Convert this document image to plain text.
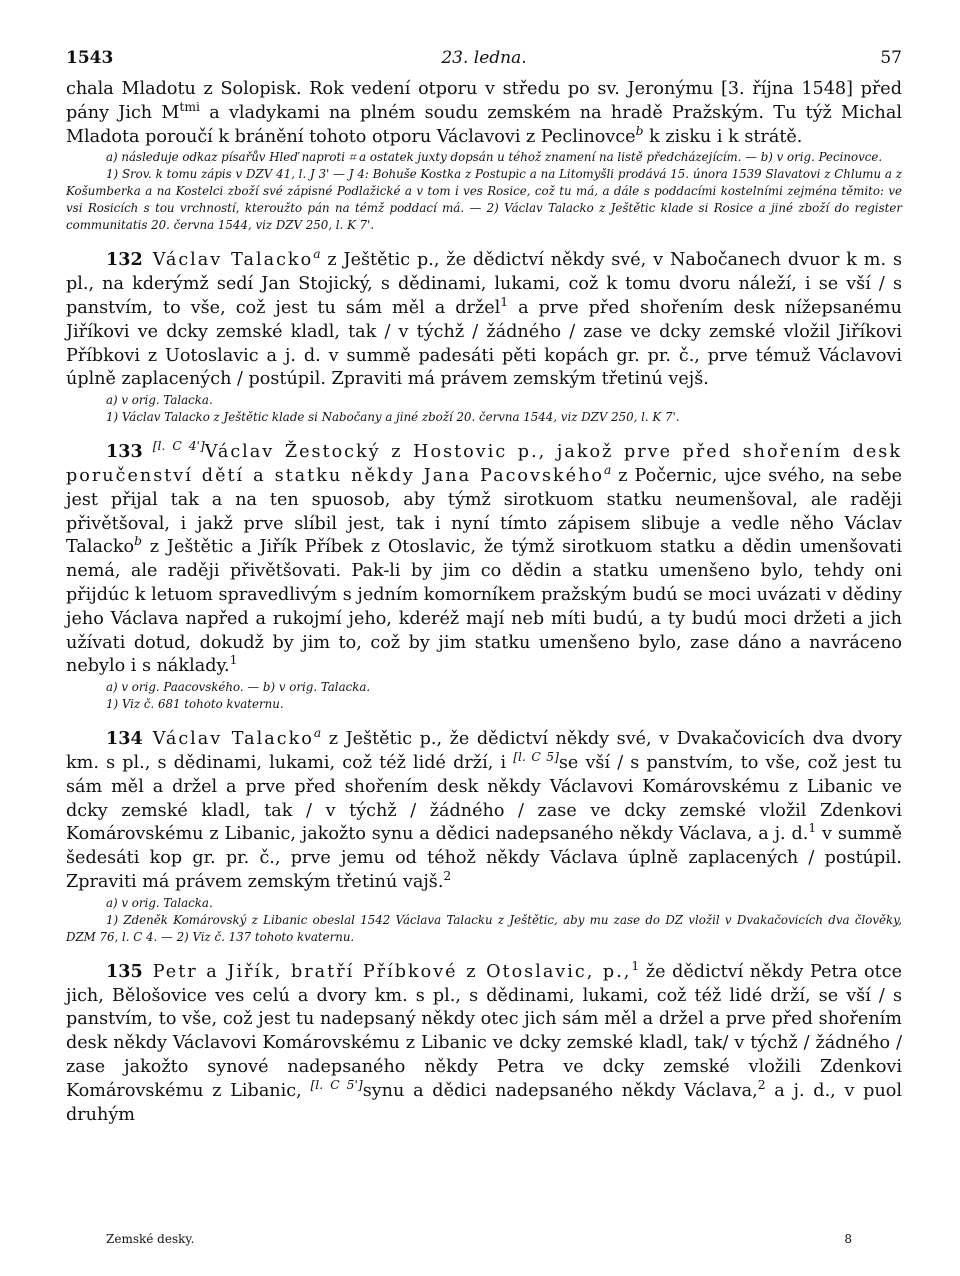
1543	23. ledna.	57

chala Mladotu z Solopisk. Rok vedení otporu v středu po sv. Jeronýmu [3. října 1548] před pány Jich $M^{tmi}$ a vladykami na plném soudu zemském na hradě Pražským. Tu týž Michal Mladota poroučí k bránění tohoto otporu Václavovi z Peclinovce$^b$ k zisku i k strátě.

a) následuje odkaz písařův Hleď naproti ⌗ a ostatek juxty dopsán u téhož znamení na listě předcházejícím. — b) v orig. Pecinovce.

1) Srov. k tomu zápis v DZV 41, l. J 3' — J 4: Bohuše Kostka z Postupic a na Litomyšli prodává 15. února 1539 Slavatovi z Chlumu a z Košumberka a na Kostelci zboží své zápisné Podlažické a v tom i ves Rosice, což tu má, a dále s poddacími kostelními zejména těmito: ve vsi Rosicích s tou vrchností, kteroužto pán na témž poddací má. — 2) Václav Talacko z Ještětic klade si Rosice a jiné zboží do register communitatis 20. června 1544, viz DZV 250, l. K 7'.

132 Václav Talacko$^a$ z Ještětic p., že dědictví někdy své, v Nabočanech dvuor k m. s pl., na kderýmž sedí Jan Stojický, s dědinami, lukami, což k tomu dvoru náleží, i se vší / s panstvím, to vše, což jest tu sám měl a držel$^1$ a prve před shořením desk nížepsanému Jiříkovi ve dcky zemské kladl, tak / v týchž / žádného / zase ve dcky zemské vložil Jiříkovi Příbkovi z Uotoslavic a j. d. v summě padesáti pěti kopách gr. pr. č., prve témuž Václavovi úplně zaplacených / postúpil. Zpraviti má právem zemským třetinú vejš.

a) v orig. Talacka.

1) Václav Talacko z Ještětic klade si Nabočany a jiné zboží 20. června 1544, viz DZV 250, l. K 7'.

133 [l. C 4']Václav Žestocký z Hostovic p., jakož prve před shořením desk poručenství dětí a statku někdy Jana Pacovského$^a$ z Počernic, ujce svého, na sebe jest přijal tak a na ten spuosob, aby týmž sirotkuom statku neumenšoval, ale raději přivětšoval, i jakž prve slíbil jest, tak i nyní tímto zápisem slibuje a vedle něho Václav Talacko$^b$ z Ještětic a Jiřík Příbek z Otoslavic, že týmž sirotkuom statku a dědin umenšovati nemá, ale raději přivětšovati. Pak-li by jim co dědin a statku umenšeno bylo, tehdy oni přijdúc k letuom spravedlivým s jedním komorníkem pražským budú se moci uvázati v dědiny jeho Václava napřed a rukojmí jeho, kderéž mají neb míti budú, a ty budú moci držeti a jich užívati dotud, dokudž by jim to, což by jim statku umenšeno bylo, zase dáno a navráceno nebylo i s náklady.$^1$

a) v orig. Paacovského. — b) v orig. Talacka.

1) Viz č. 681 tohoto kvaternu.

134 Václav Talacko$^a$ z Ještětic p., že dědictví někdy své, v Dvakačovicích dva dvory km. s pl., s dědinami, lukami, což též lidé drží, i [l. C 5]se vší / s panstvím, to vše, což jest tu sám měl a držel a prve před shořením desk někdy Václavovi Komárovskému z Libanic ve dcky zemské kladl, tak / v týchž / žádného / zase ve dcky zemské vložil Zdenkovi Komárovskému z Libanic, jakožto synu a dědici nadepsaného někdy Václava, a j. d.$^1$ v summě šedesáti kop gr. pr. č., prve jemu od téhož někdy Václava úplně zaplacených / postúpil. Zpraviti má právem zemským třetinú vajš.$^2$

a) v orig. Talacka.

1) Zdeněk Komárovský z Libanic obeslal 1542 Václava Talacku z Ještětic, aby mu zase do DZ vložil v Dvakačovicích dva člověky, DZM 76, l. C 4. — 2) Viz č. 137 tohoto kvaternu.

135 Petr a Jiřík, bratří Příbkové z Otoslavic, p.,$^1$ že dědictví někdy Petra otce jich, Bělošovice ves celú a dvory km. s pl., s dědinami, lukami, což též lidé drží, se vší / s panstvím, to vše, což jest tu nadepsaný někdy otec jich sám měl a držel a prve před shořením desk někdy Václavovi Komárovskému z Libanic ve dcky zemské kladl, tak/ v týchž / žádného / zase jakožto synové nadepsaného někdy Petra ve dcky zemské vložili Zdenkovi Komárovskému z Libanic, [l. C 5']synu a dědici nadepsaného někdy Václava,$^2$ a j. d., v puol druhým

Zemské desky.	8
